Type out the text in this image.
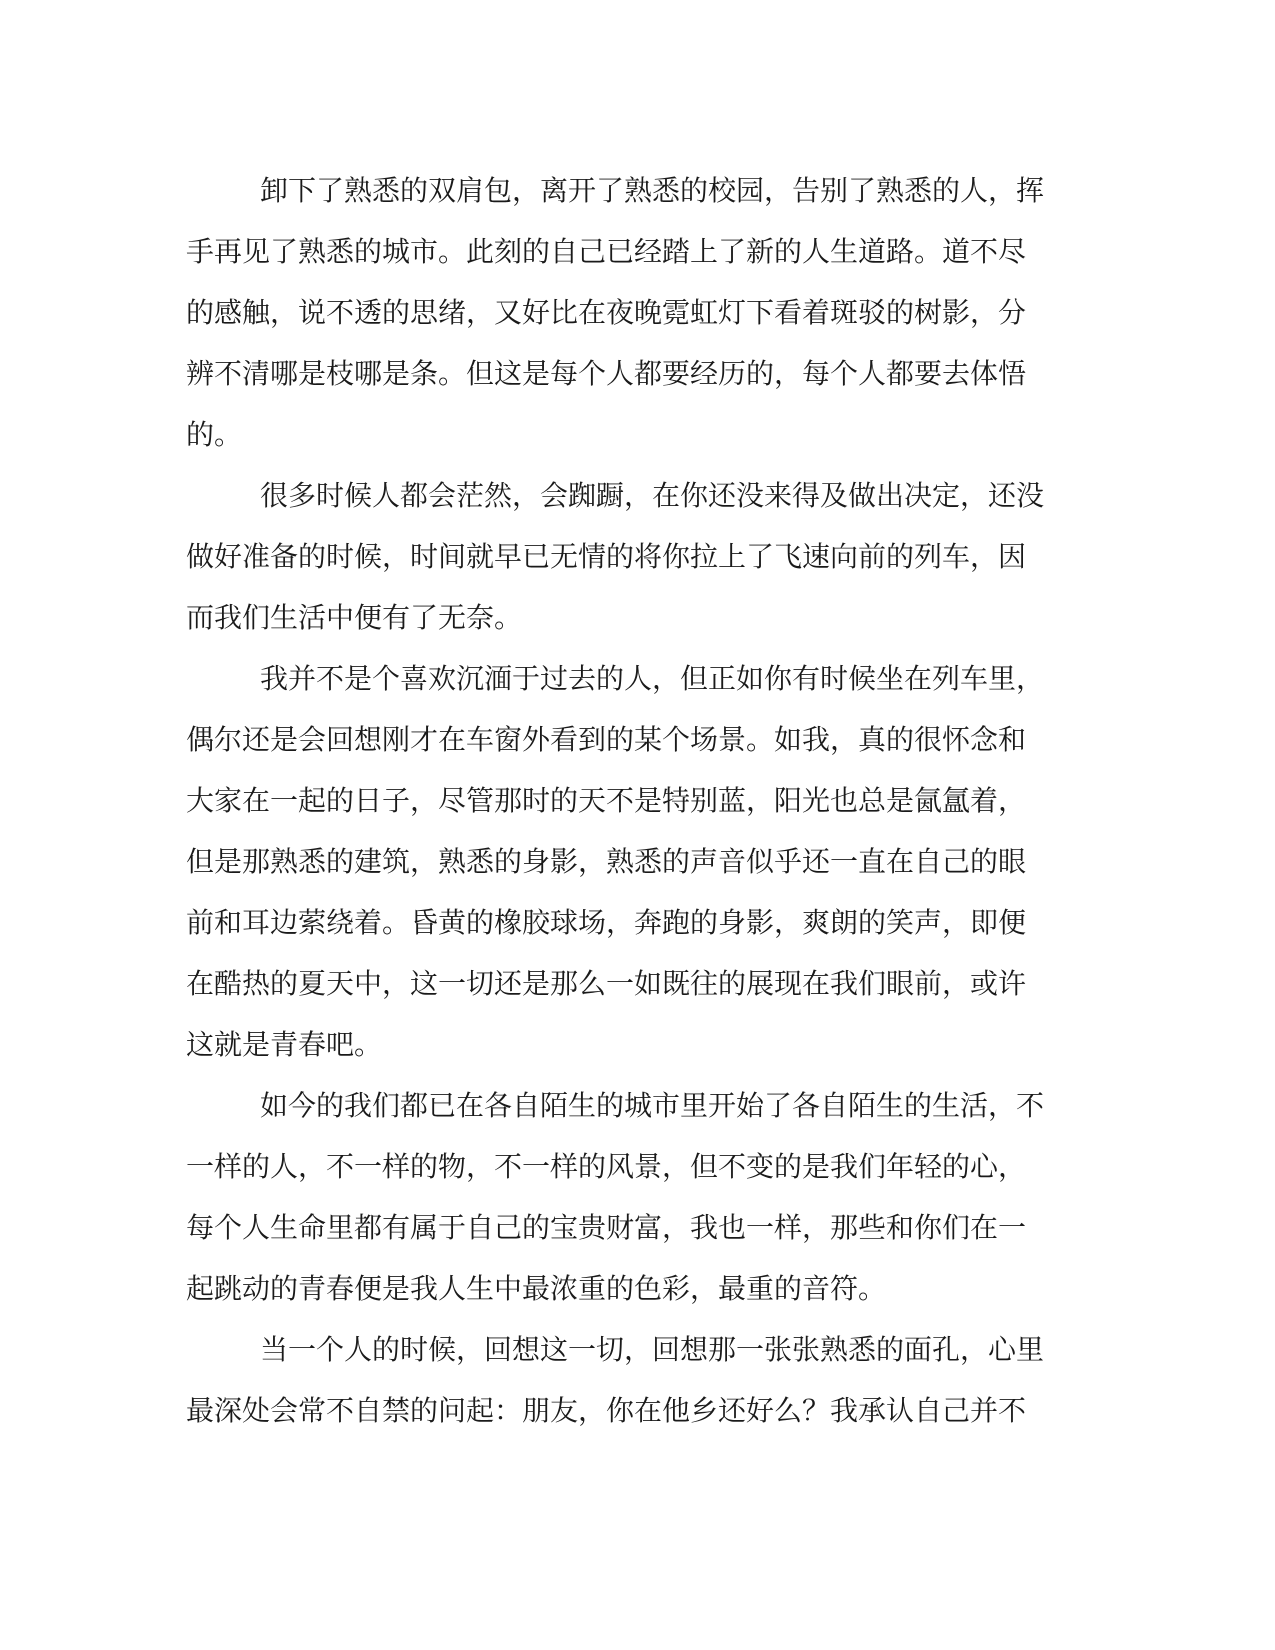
卸下了熟悉的双肩包，离开了熟悉的校园，告别了熟悉的人，挥
手再见了熟悉的城市。此刻的自己已经踏上了新的人生道路。道不尽
的感触，说不透的思绪，又好比在夜晚霓虹灯下看着斑驳的树影，分
辨不清哪是枝哪是条。但这是每个人都要经历的，每个人都要去体悟
的。
很多时候人都会茫然，会踟蹰，在你还没来得及做出决定，还没
做好准备的时候，时间就早已无情的将你拉上了飞速向前的列车，因
而我们生活中便有了无奈。
我并不是个喜欢沉湎于过去的人，但正如你有时候坐在列车里，
偶尔还是会回想刚才在车窗外看到的某个场景。如我，真的很怀念和
大家在一起的日子，尽管那时的天不是特别蓝，阳光也总是氤氲着，
但是那熟悉的建筑，熟悉的身影，熟悉的声音似乎还一直在自己的眼
前和耳边萦绕着。昏黄的橡胶球场，奔跑的身影，爽朗的笑声，即便
在酷热的夏天中，这一切还是那么一如既往的展现在我们眼前，或许
这就是青春吧。
如今的我们都已在各自陌生的城市里开始了各自陌生的生活，不
一样的人，不一样的物，不一样的风景，但不变的是我们年轻的心，
每个人生命里都有属于自己的宝贵财富，我也一样，那些和你们在一
起跳动的青春便是我人生中最浓重的色彩，最重的音符。
当一个人的时候，回想这一切，回想那一张张熟悉的面孔，心里
最深处会常不自禁的问起：朋友，你在他乡还好么？我承认自己并不
